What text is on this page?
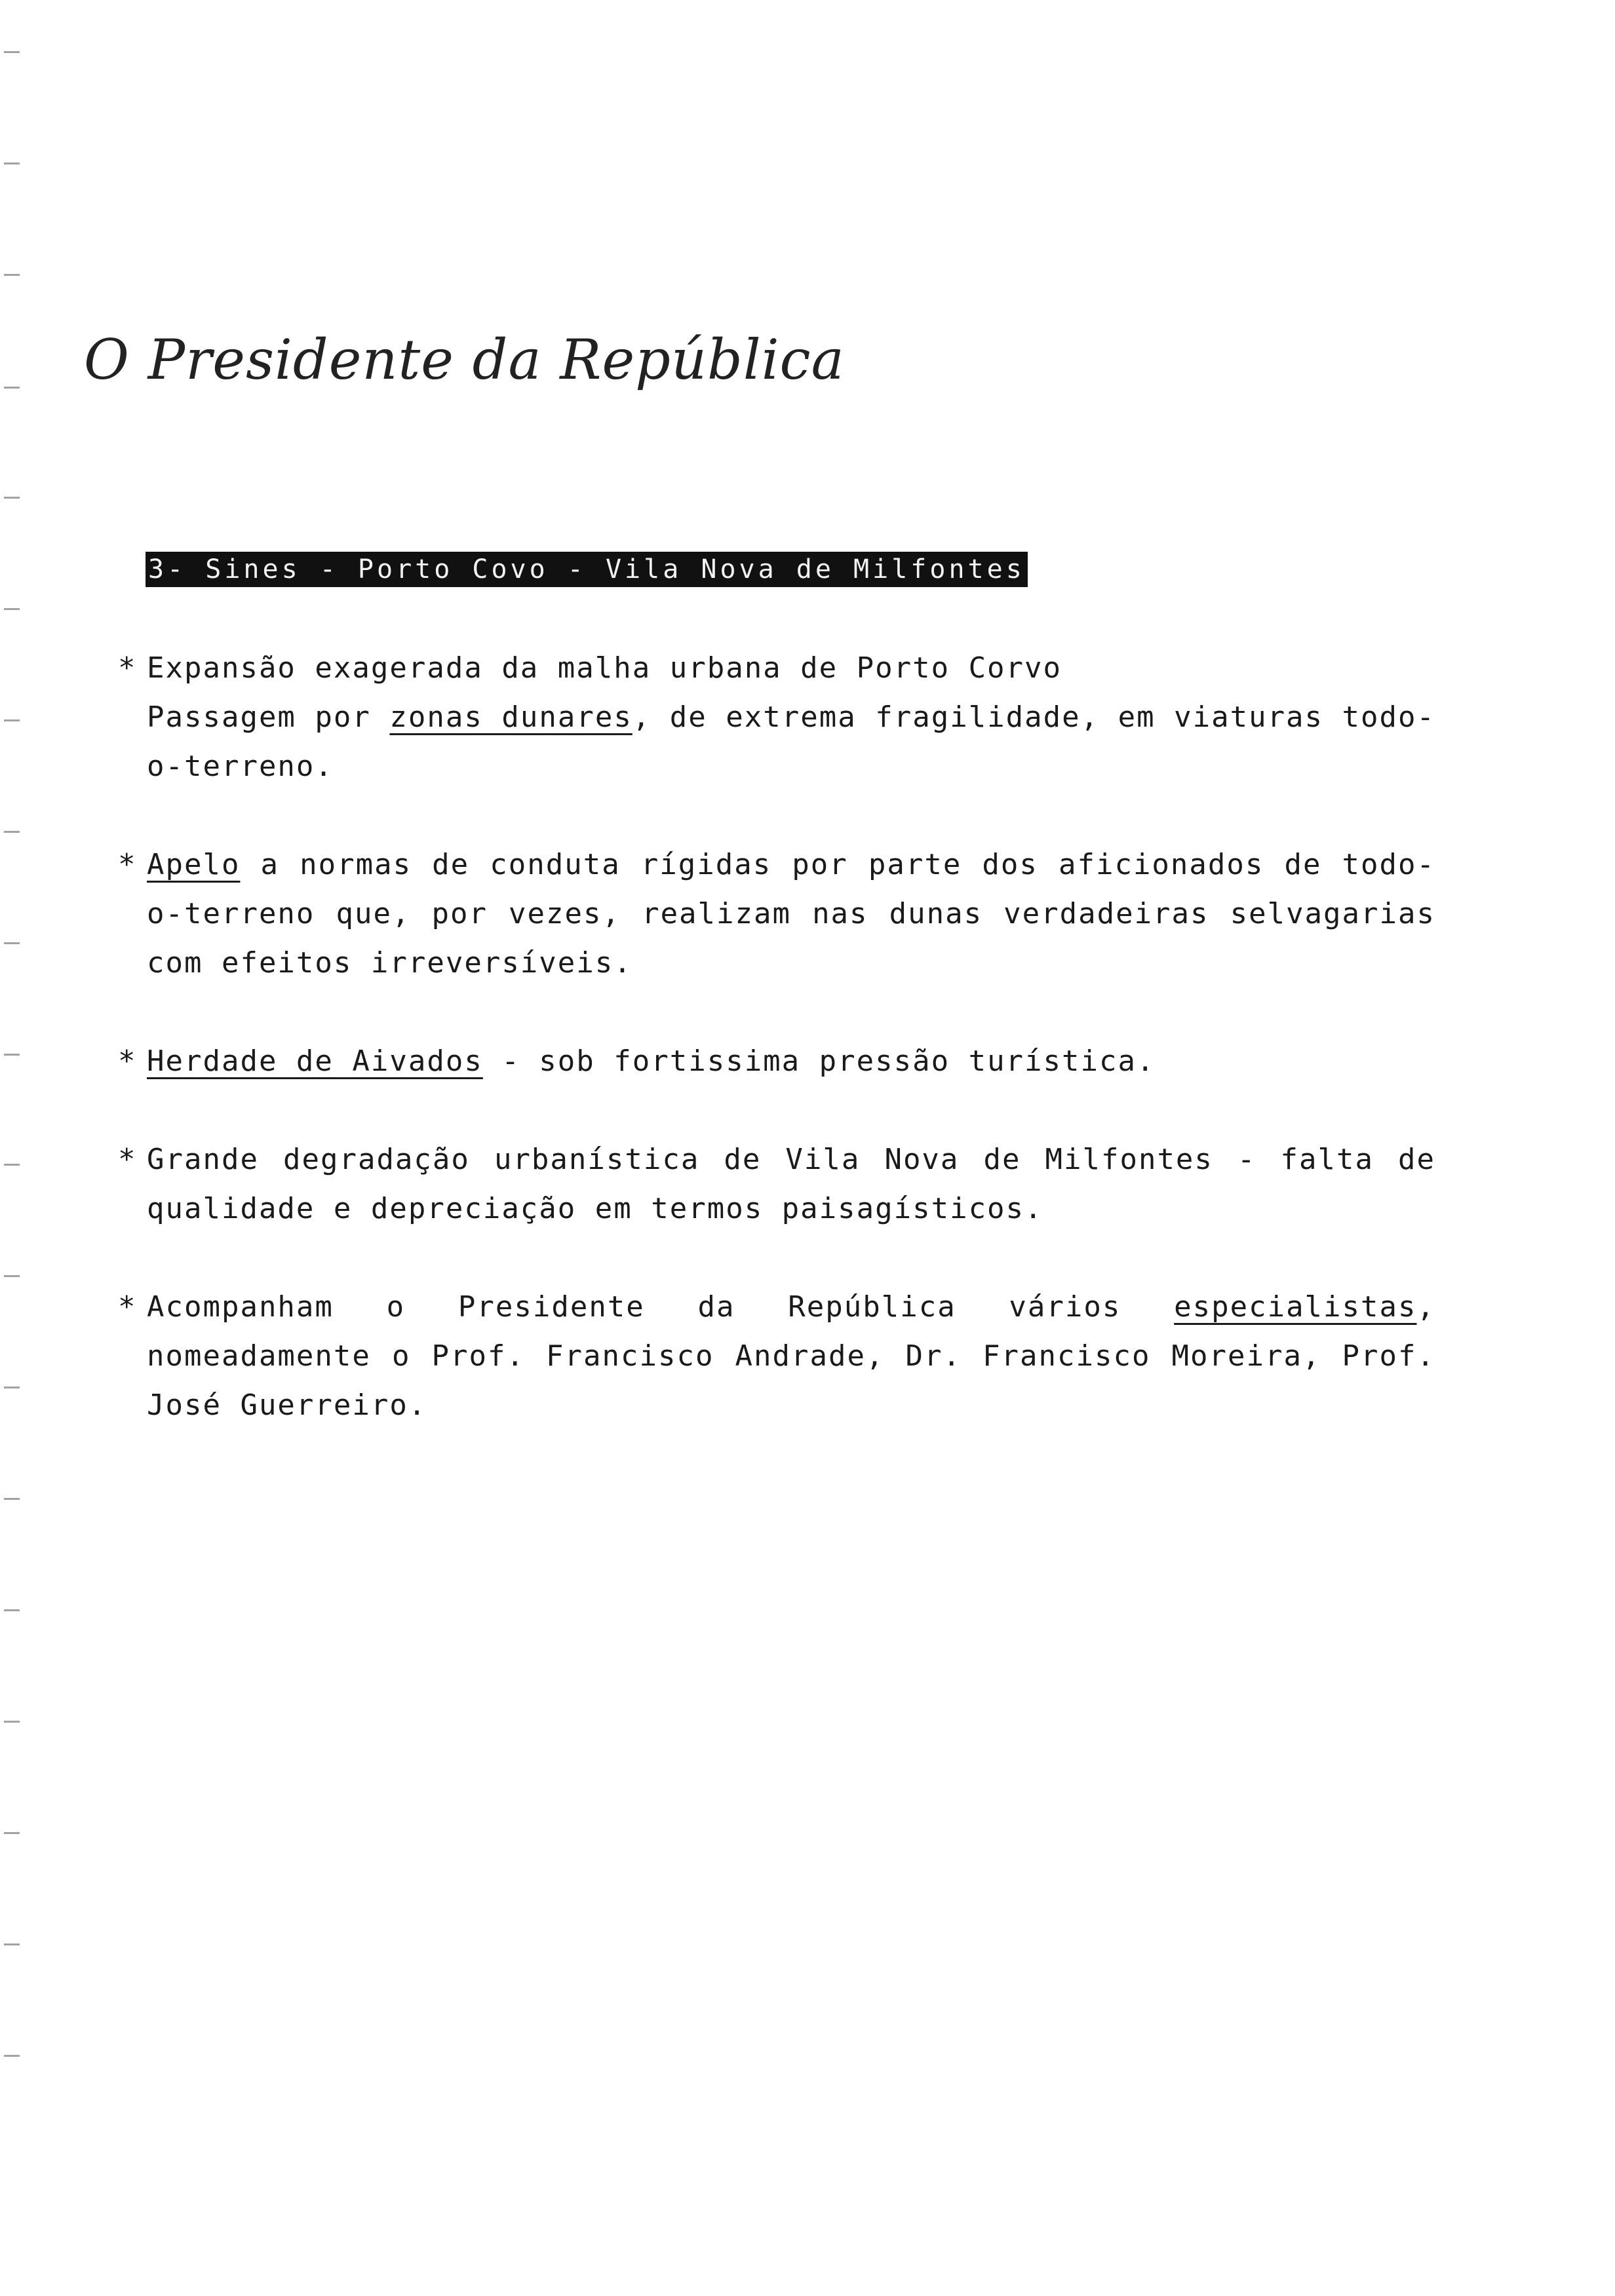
O Presidente da República
3- Sines - Porto Covo - Vila Nova de Milfontes
* Expansão exagerada da malha urbana de Porto Corvo

Passagem por zonas dunares, de extrema fragilidade, em viaturas todo-o-terreno.

* Apelo a normas de conduta rígidas por parte dos aficionados de todo-o-terreno que, por vezes, realizam nas dunas verdadeiras selvagarias com efeitos irreversíveis.

* Herdade de Aivados - sob fortissima pressão turística.

* Grande degradação urbanística de Vila Nova de Milfontes - falta de qualidade e depreciação em termos paisagísticos.

* Acompanham o Presidente da República vários especialistas, nomeadamente o Prof. Francisco Andrade, Dr. Francisco Moreira, Prof. José Guerreiro.
